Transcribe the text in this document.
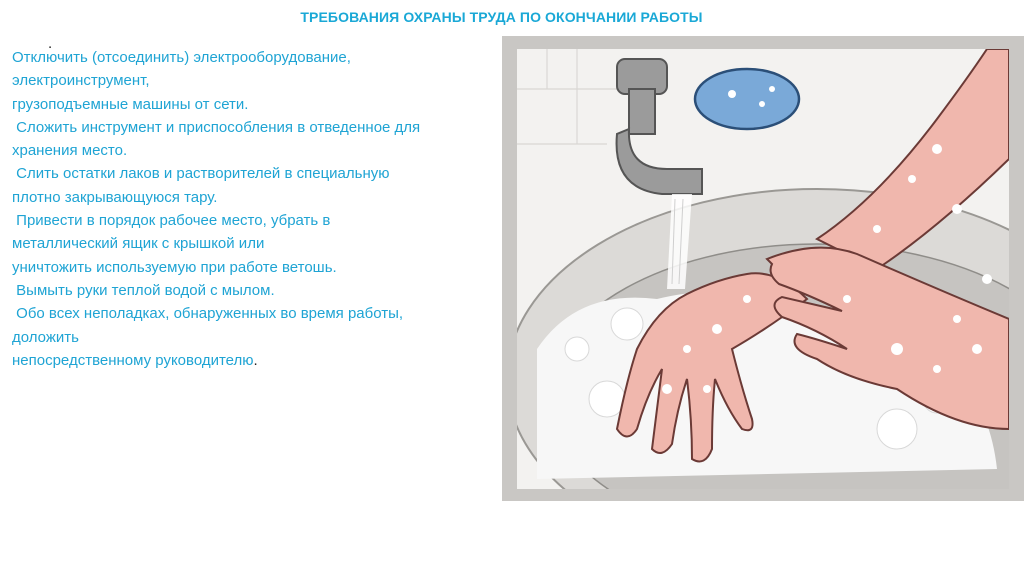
ТРЕБОВАНИЯ ОХРАНЫ ТРУДА ПО ОКОНЧАНИИ РАБОТЫ
.
Отключить (отсоединить) электрооборудование,
электроинструмент,
грузоподъемные машины от сети.
Сложить инструмент и приспособления в отведенное для
хранения место.
Слить остатки лаков и растворителей в специальную
плотно закрывающуюся тару.
Привести в порядок рабочее место, убрать в
металлический ящик с крышкой или
уничтожить используемую при работе ветошь.
Вымыть руки теплой водой с мылом.
Обо всех неполадках, обнаруженных во время работы,
доложить
непосредственному руководителю.
